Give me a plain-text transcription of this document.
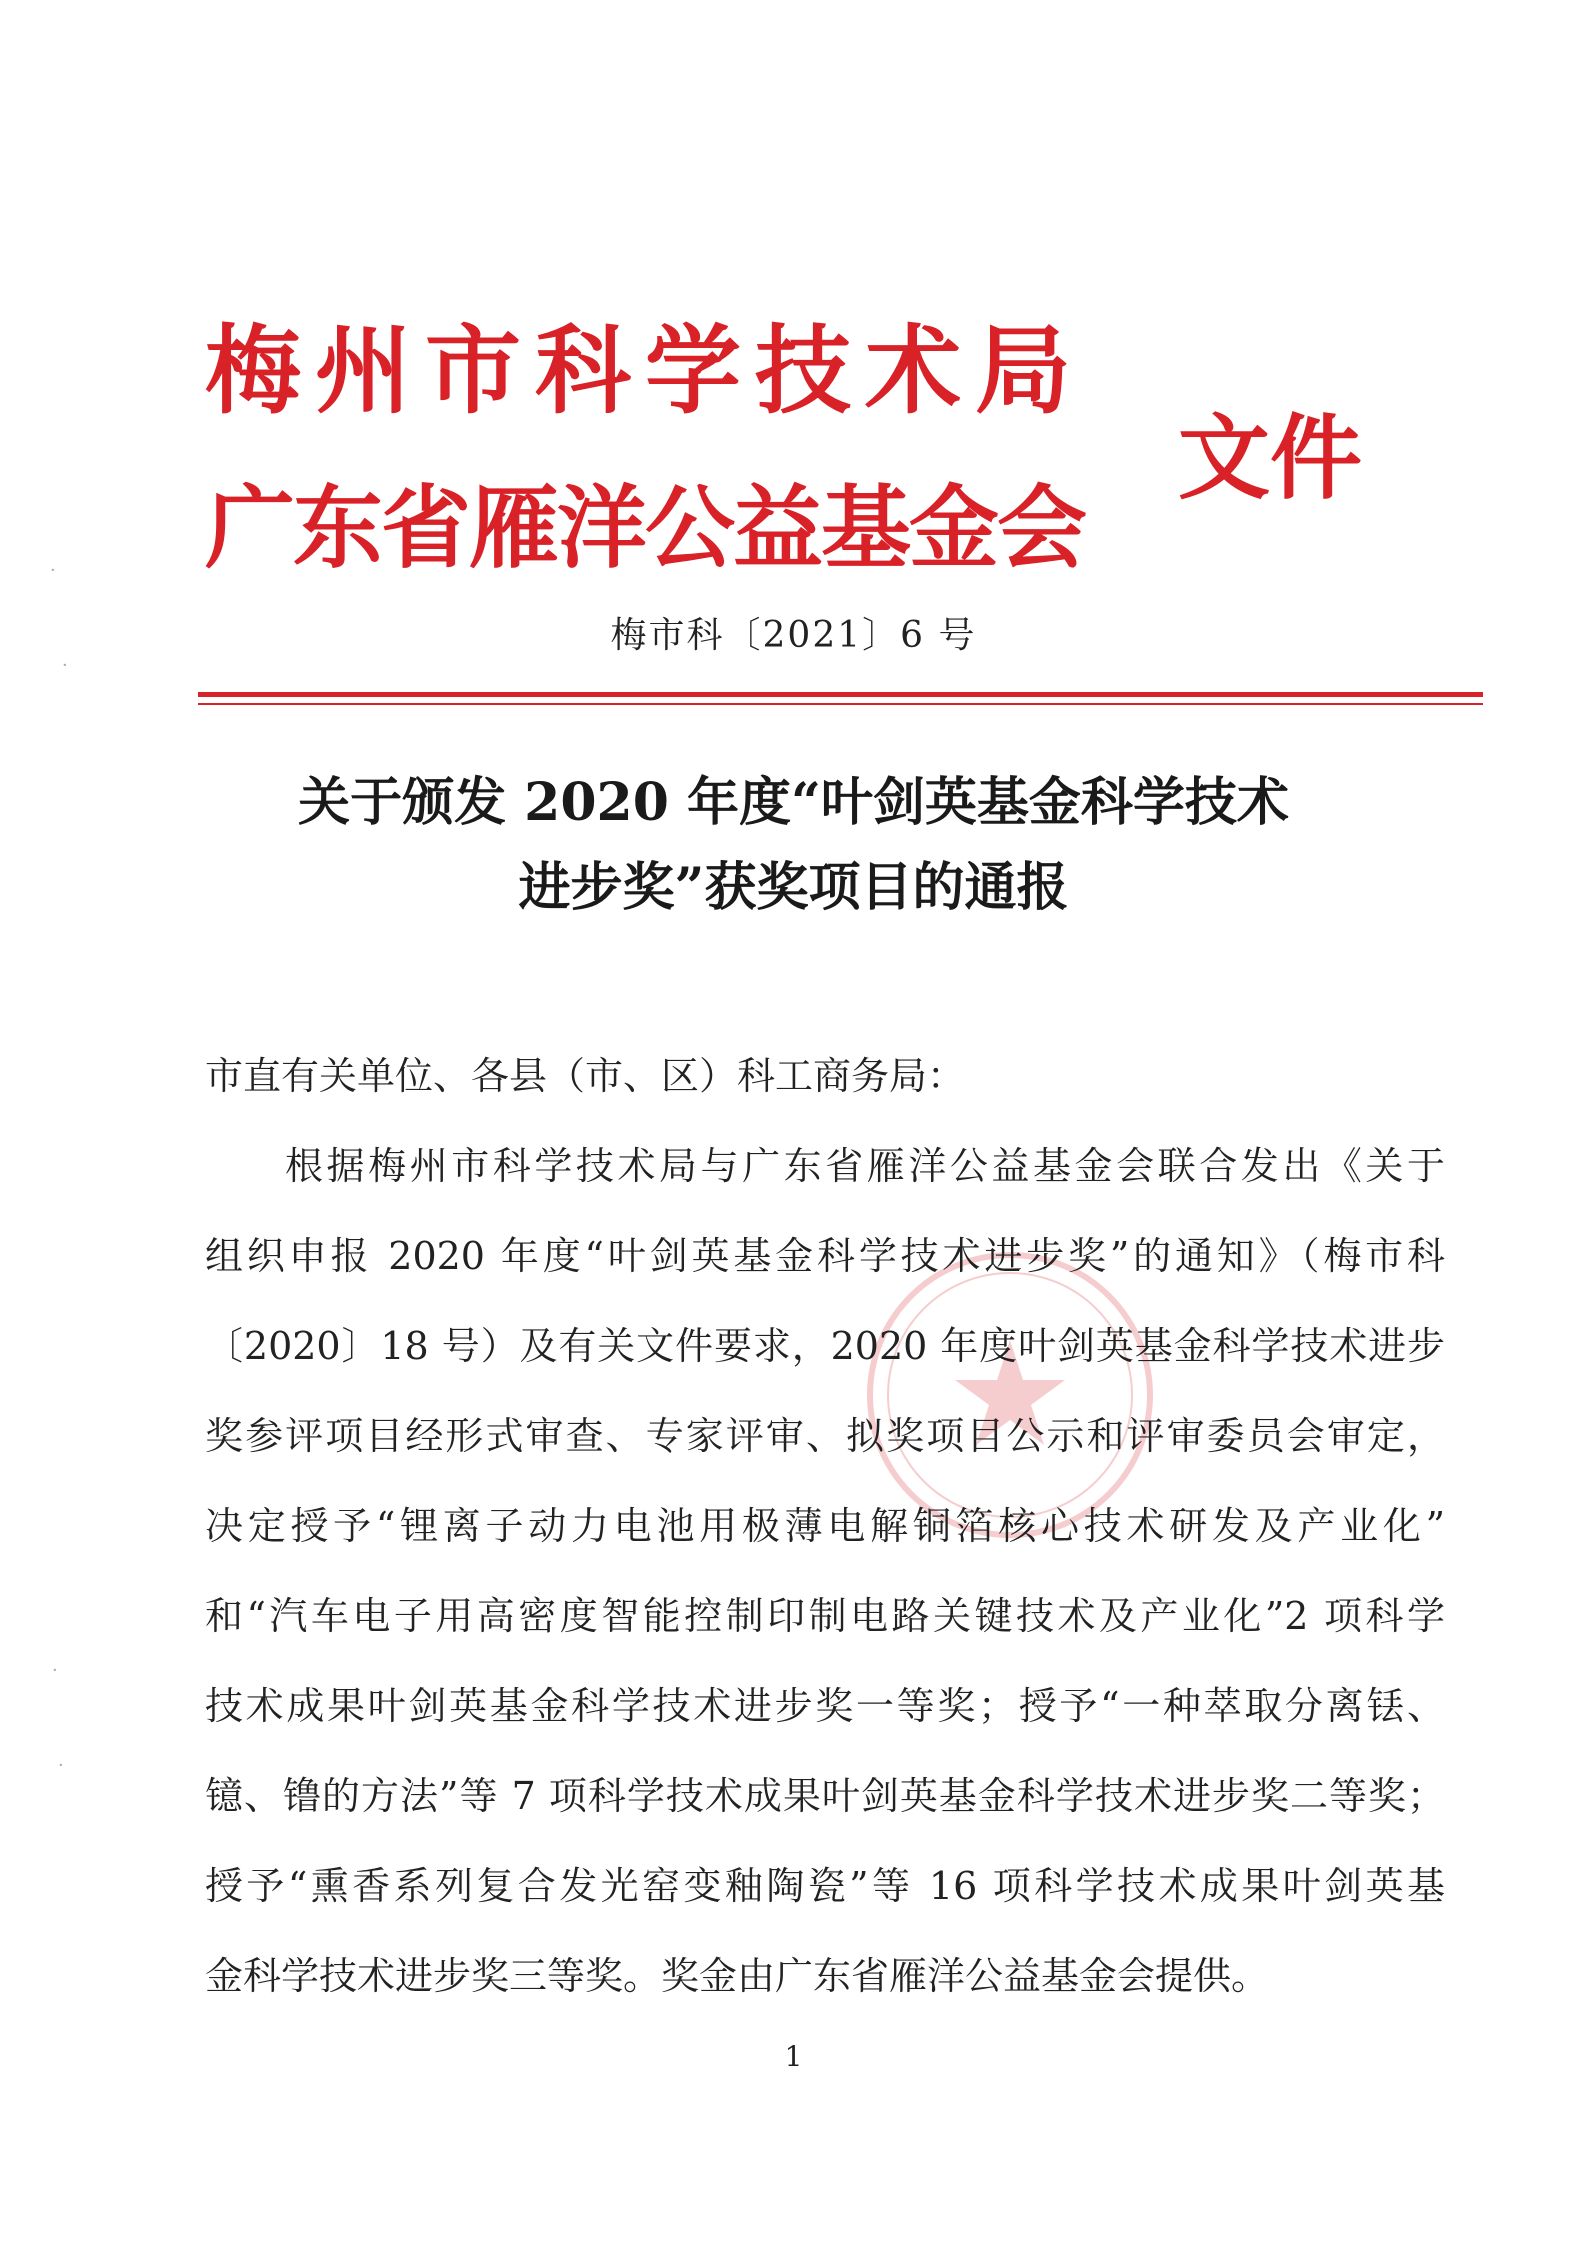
梅州市科学技术局
广东省雁洋公益基金会
文件
梅市科〔2021〕6 号
关于颁发 2020 年度“叶剑英基金科学技术
进步奖”获奖项目的通报
市直有关单位、各县（市、区）科工商务局：
根据梅州市科学技术局与广东省雁洋公益基金会联合发出《关于
组织申报 2020 年度“叶剑英基金科学技术进步奖”的通知》（梅市科
〔2020〕18 号）及有关文件要求，2020 年度叶剑英基金科学技术进步
奖参评项目经形式审查、专家评审、拟奖项目公示和评审委员会审定，
决定授予“锂离子动力电池用极薄电解铜箔核心技术研发及产业化”
和“汽车电子用高密度智能控制印制电路关键技术及产业化”2 项科学
技术成果叶剑英基金科学技术进步奖一等奖；授予“一种萃取分离铥、
镱、镥的方法”等 7 项科学技术成果叶剑英基金科学技术进步奖二等奖；
授予“熏香系列复合发光窑变釉陶瓷”等 16 项科学技术成果叶剑英基
金科学技术进步奖三等奖。奖金由广东省雁洋公益基金会提供。
1
·
·
·
·
